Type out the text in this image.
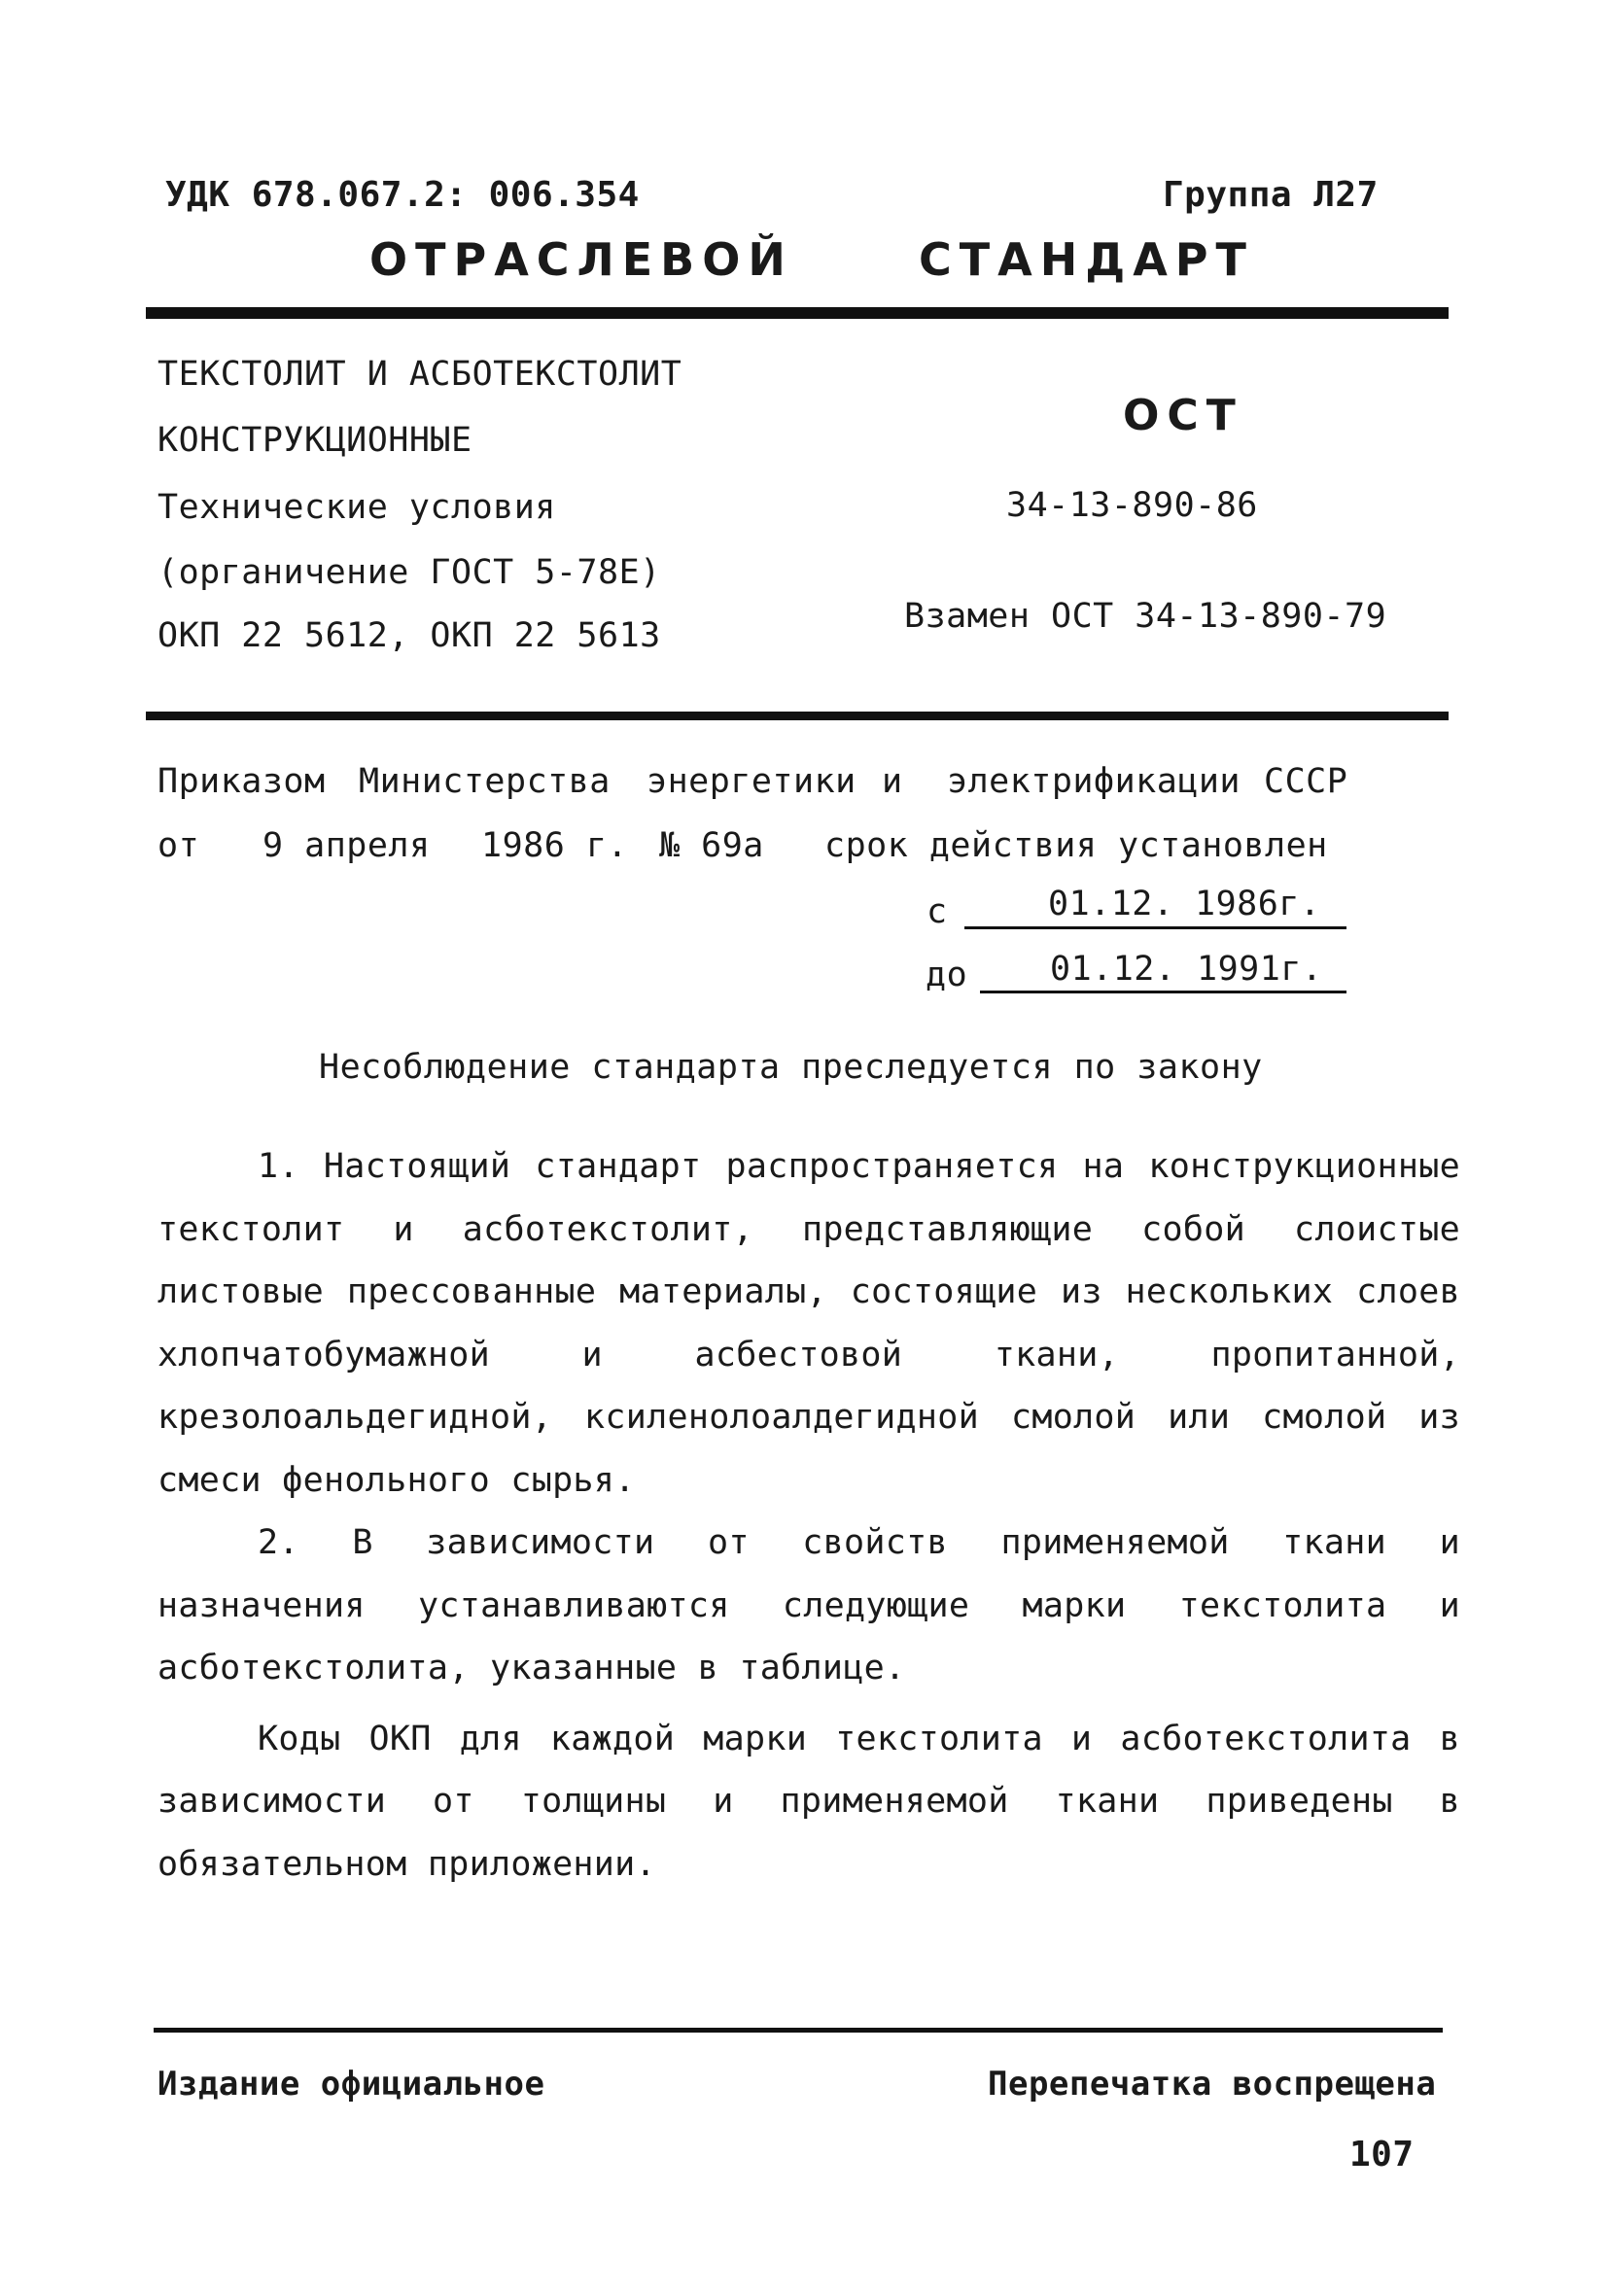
УДК 678.067.2: 006.354	Группа Л27
ОТРАСЛЕВОЙ	СТАНДАРТ
ТЕКСТОЛИТ И АСБОТЕКСТОЛИТ
КОНСТРУКЦИОННЫЕ
Технические условия
(органичение ГОСТ 5-78Е)
ОКП 22 5612, ОКП 22 5613
ОСТ
34-13-890-86
Взамен ОСТ 34-13-890-79
Приказом Министерства энергетики и электрификации СССР
от 9 апреля 1986 г. № 69а срок действия установлен
с	01.12. 1986г.
до 01.12. 1991г.
Несоблюдение стандарта преследуется по закону

1. Настоящий стандарт распространяется на конструкционные текстолит и асботекстолит, представляющие собой слоистые листовые прессованные материалы, состоящие из нескольких слоев хлопчатобумажной и асбестовой ткани, пропитанной, крезолоальдегидной, ксиленолоалдегидной смолой или смолой из смеси фенольного сырья.

2. В зависимости от свойств применяемой ткани и назначения устанавливаются следующие марки текстолита и асботекстолита, указанные в таблице.

Коды ОКП для каждой марки текстолита и асботекстолита в зависимости от толщины и применяемой ткани приведены в обязательном приложении.

Издание официальное	Перепечатка воспрещена
107
